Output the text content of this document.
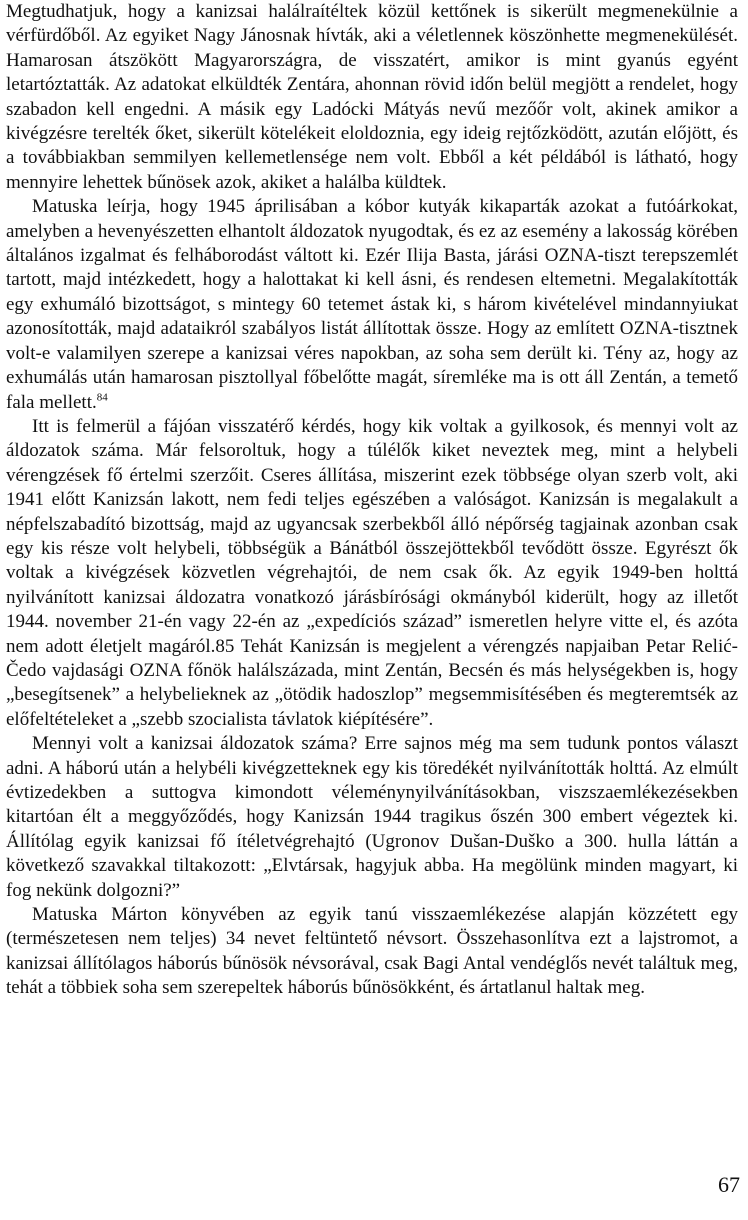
Megtudhatjuk, hogy a kanizsai halálraítéltek közül kettőnek is sikerült megmenekülnie a vérfürdőből. Az egyiket Nagy Jánosnak hívták, aki a véletlennek köszönhette megmenekülését. Hamarosan átszökött Magyarországra, de visszatért, amikor is mint gyanús egyént letartóztatták. Az adatokat elküldték Zentára, ahonnan rövid időn belül megjött a rendelet, hogy szabadon kell engedni. A másik egy Ladócki Mátyás nevű mezőőr volt, akinek amikor a kivégzésre terelték őket, sikerült kötelékeit eloldoznia, egy ideig rejtőzködött, azután előjött, és a továbbiakban semmilyen kellemetlensége nem volt. Ebből a két példából is látható, hogy mennyire lehettek bűnösek azok, akiket a halálba küldtek.

Matuska leírja, hogy 1945 áprilisában a kóbor kutyák kikaparták azokat a futóárkokat, amelyben a hevenyészetten elhantolt áldozatok nyugodtak, és ez az esemény a lakosság körében általános izgalmat és felháborodást váltott ki. Ezér Ilija Basta, járási OZNA-tiszt terepszemlét tartott, majd intézkedett, hogy a halottakat ki kell ásni, és rendesen eltemetni. Megalakították egy exhumáló bizottságot, s mintegy 60 tetemet ástak ki, s három kivételével mindannyiukat azonosították, majd adataikról szabályos listát állítottak össze. Hogy az említett OZNA-tisztnek volt-e valamilyen szerepe a kanizsai véres napokban, az soha sem derült ki. Tény az, hogy az exhumálás után hamarosan pisztollyal főbelőtte magát, síremléke ma is ott áll Zentán, a temető fala mellett.$^{84}$

Itt is felmerül a fájóan visszatérő kérdés, hogy kik voltak a gyilkosok, és mennyi volt az áldozatok száma. Már felsoroltuk, hogy a túlélők kiket neveztek meg, mint a helybeli vérengzések fő értelmi szerzőit. Cseres állítása, miszerint ezek többsége olyan szerb volt, aki 1941 előtt Kanizsán lakott, nem fedi teljes egészében a valóságot. Kanizsán is megalakult a népfelszabadító bizottság, majd az ugyancsak szerbekből álló népőrség tagjainak azonban csak egy kis része volt helybeli, többségük a Bánátból összejöttekből tevődött össze. Egyrészt ők voltak a kivégzések közvetlen végrehajtói, de nem csak ők. Az egyik 1949-ben holttá nyilvánított kanizsai áldozatra vonatkozó járásbírósági okmányból kiderült, hogy az illetőt 1944. november 21-én vagy 22-én az „expedíciós század” ismeretlen helyre vitte el, és azóta nem adott életjelt magáról.85 Tehát Kanizsán is megjelent a vérengzés napjaiban Petar Relić-Čedo vajdasági OZNA főnök halálszázada, mint Zentán, Becsén és más helységekben is, hogy „besegítsenek” a helybelieknek az „ötödik hadoszlop” megsemmisítésében és megteremtsék az előfeltételeket a „szebb szocialista távlatok kiépítésére”.

Mennyi volt a kanizsai áldozatok száma? Erre sajnos még ma sem tudunk pontos választ adni. A háború után a helybéli kivégzetteknek egy kis töredékét nyilvánították holttá. Az elmúlt évtizedekben a suttogva kimondott véleménynyilvánításokban, viszszaemlékezésekben kitartóan élt a meggyőződés, hogy Kanizsán 1944 tragikus őszén 300 embert végeztek ki. Állítólag egyik kanizsai fő ítéletvégrehajtó (Ugronov Dušan-Duško a 300. hulla láttán a következő szavakkal tiltakozott: „Elvtársak, hagyjuk abba. Ha megölünk minden magyart, ki fog nekünk dolgozni?”

Matuska Márton könyvében az egyik tanú visszaemlékezése alapján közzétett egy (természetesen nem teljes) 34 nevet feltüntető névsort. Összehasonlítva ezt a lajstromot, a kanizsai állítólagos háborús bűnösök névsorával, csak Bagi Antal vendéglős nevét találtuk meg, tehát a többiek soha sem szerepeltek háborús bűnösökként, és ártatlanul haltak meg.

67
